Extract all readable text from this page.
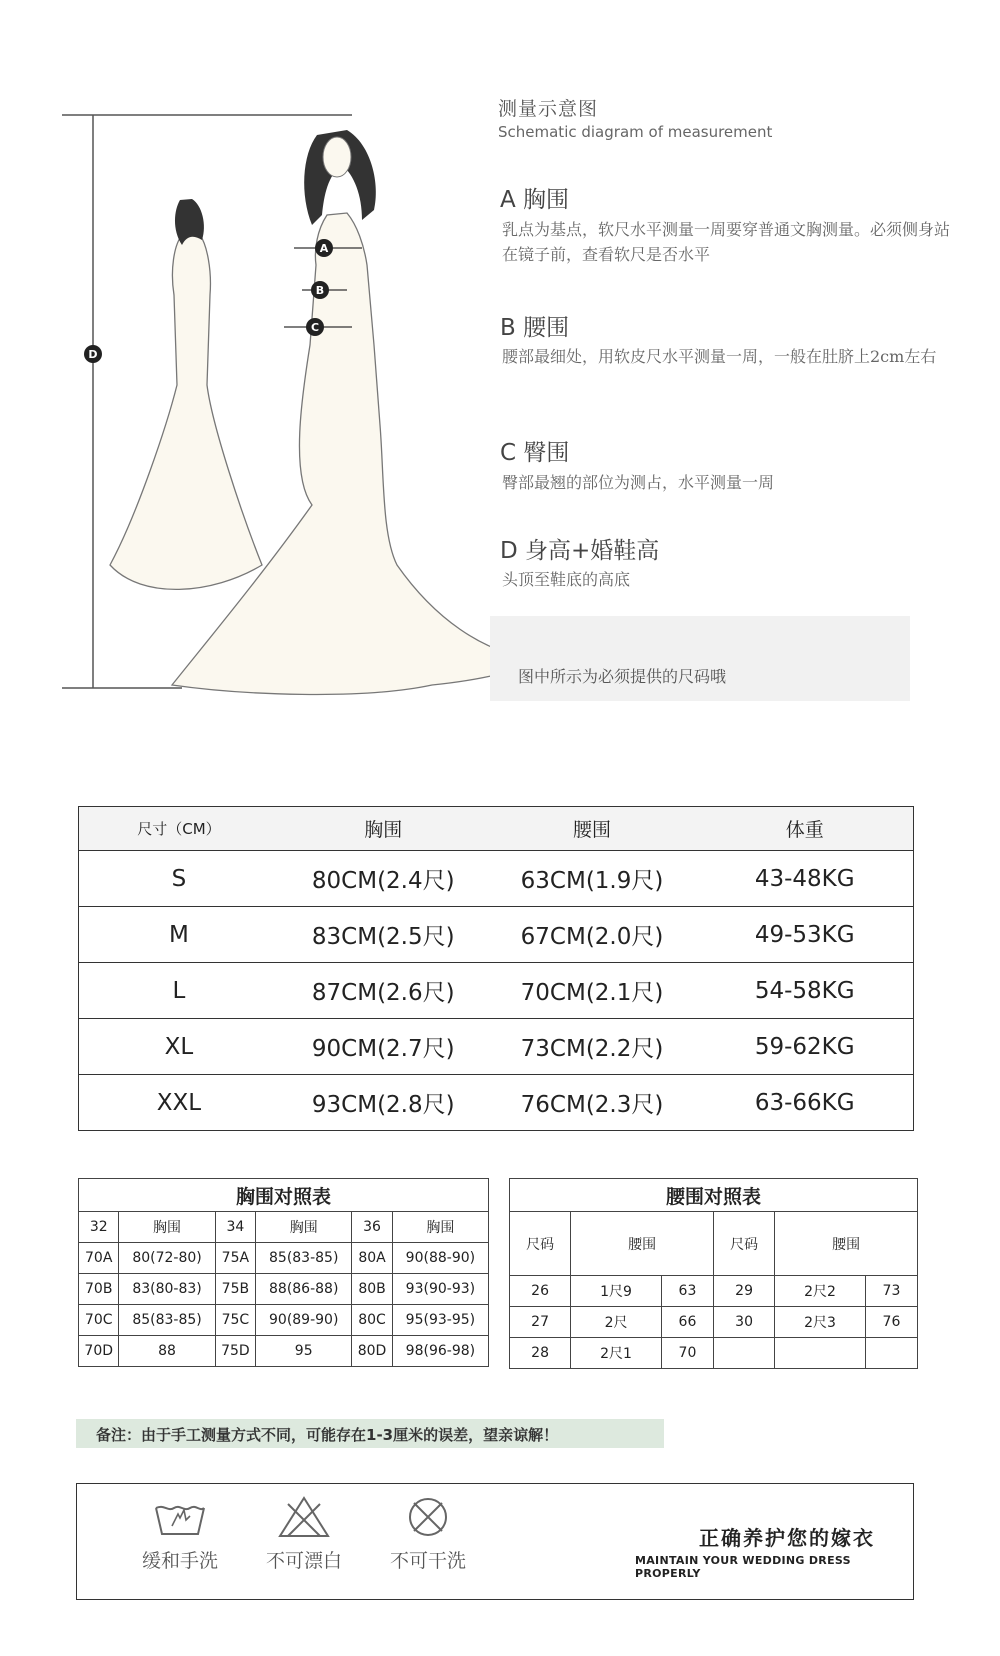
A
B
C
D
测量示意图
Schematic diagram of measurement
A 胸围
乳点为基点，软尺水平测量一周要穿普通文胸测量。必须侧身站在镜子前，查看软尺是否水平
B 腰围
腰部最细处，用软皮尺水平测量一周，一般在肚脐上2cm左右
C 臀围
臀部最翘的部位为测占，水平测量一周
D 身高+婚鞋高
头顶至鞋底的高底
图中所示为必须提供的尺码哦
尺寸（CM）	胸围	腰围	体重
S	80CM(2.4尺)	63CM(1.9尺)	43-48KG
M	83CM(2.5尺)	67CM(2.0尺)	49-53KG
L	87CM(2.6尺)	70CM(2.1尺)	54-58KG
XL	90CM(2.7尺)	73CM(2.2尺)	59-62KG
XXL	93CM(2.8尺)	76CM(2.3尺)	63-66KG
胸围对照表					
32	胸围	34	胸围	36	胸围
70A	80(72-80)	75A	85(83-85)	80A	90(88-90)
70B	83(80-83)	75B	88(86-88)	80B	93(90-93)
70C	85(83-85)	75C	90(89-90)	80C	95(93-95)
70D	88	75D	95	80D	98(96-98)
腰围对照表					
尺码	腰围		尺码	腰围	
26	1尺9	63	29	2尺2	73
27	2尺	66	30	2尺3	76
28	2尺1	70			
备注：由于手工测量方式不同，可能存在1-3厘米的误差，望亲谅解！
缓和手洗	不可漂白	不可干洗
正确养护您的嫁衣
MAINTAIN YOUR WEDDING DRESS PROPERLY
